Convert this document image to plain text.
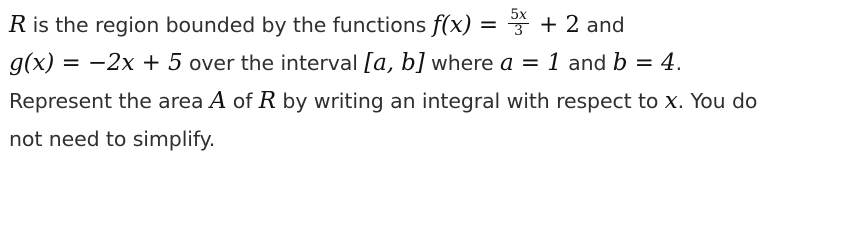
R is the region bounded by the functions $f(x) = \frac{5x}{3} + 2$ and
g(x) = −2x + 5 over the interval [a, b] where a = 1 and b = 4.
Represent the area A of R by writing an integral with respect to x. You do
not need to simplify.
